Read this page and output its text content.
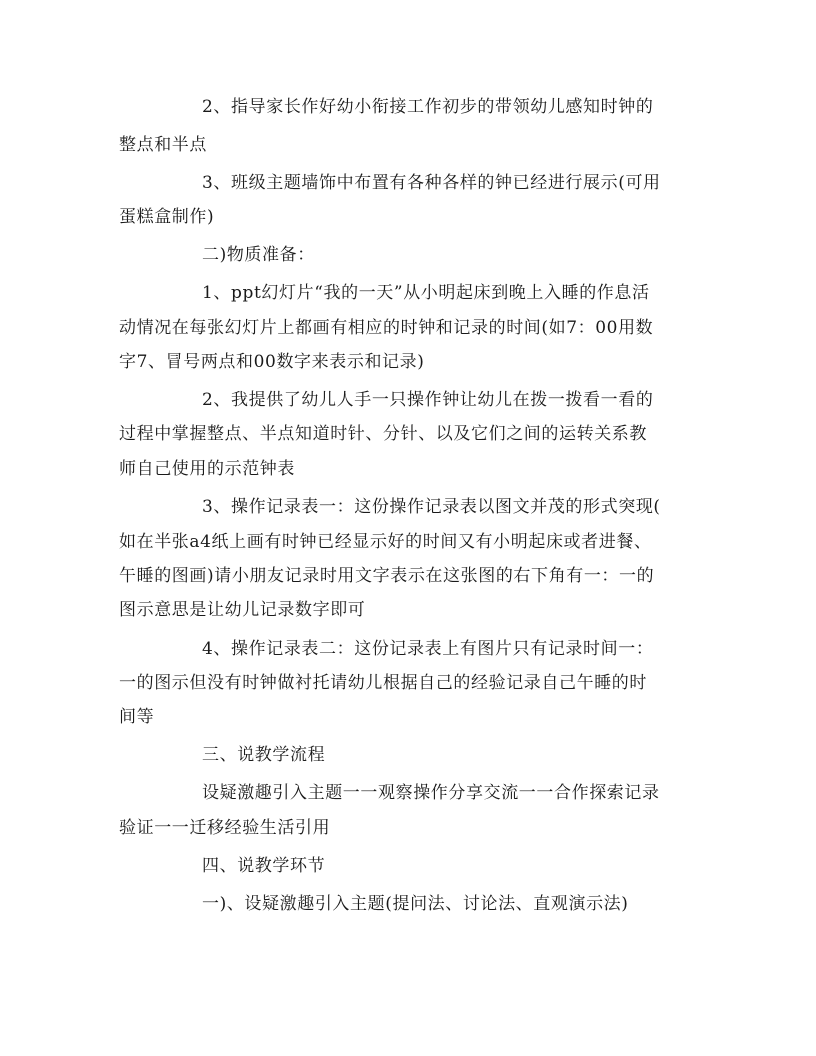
2、指导家长作好幼小衔接工作初步的带领幼儿感知时钟的
整点和半点
3、班级主题墙饰中布置有各种各样的钟已经进行展示(可用
蛋糕盒制作)
二)物质准备：
1、ppt幻灯片“我的一天”从小明起床到晚上入睡的作息活
动情况在每张幻灯片上都画有相应的时钟和记录的时间(如7：00用数
字7、冒号两点和00数字来表示和记录)
2、我提供了幼儿人手一只操作钟让幼儿在拨一拨看一看的
过程中掌握整点、半点知道时针、分针、以及它们之间的运转关系教
师自己使用的示范钟表
3、操作记录表一：这份操作记录表以图文并茂的形式突现(
如在半张a4纸上画有时钟已经显示好的时间又有小明起床或者进餐、
午睡的图画)请小朋友记录时用文字表示在这张图的右下角有一：一的
图示意思是让幼儿记录数字即可
4、操作记录表二：这份记录表上有图片只有记录时间一：
一的图示但没有时钟做衬托请幼儿根据自己的经验记录自己午睡的时
间等
三、说教学流程
设疑激趣引入主题一一观察操作分享交流一一合作探索记录
验证一一迁移经验生活引用
四、说教学环节
一)、设疑激趣引入主题(提问法、讨论法、直观演示法)
